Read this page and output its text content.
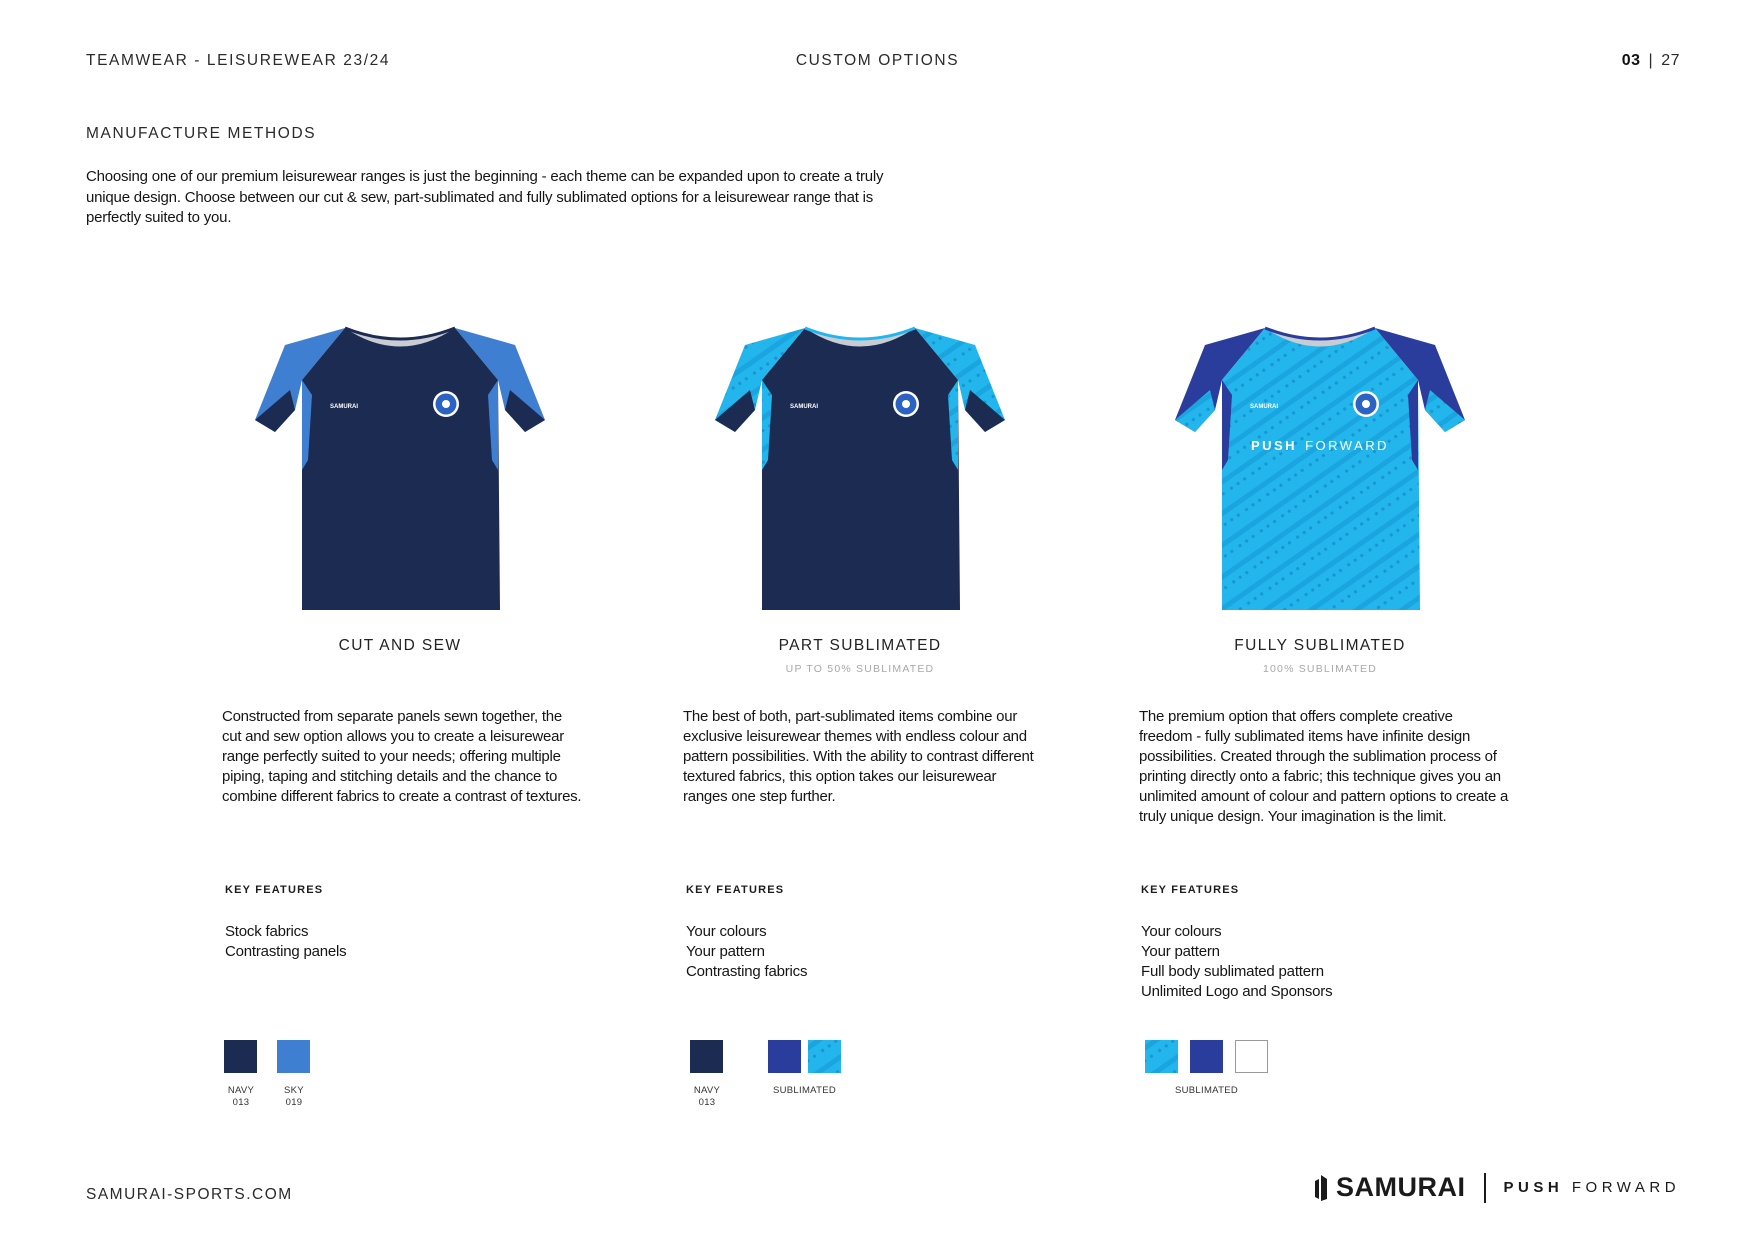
TEAMWEAR - LEISUREWEAR 23/24	CUSTOM OPTIONS	03 | 27
MANUFACTURE METHODS
Choosing one of our premium leisurewear ranges is just the beginning - each theme can be expanded upon to create a truly unique design. Choose between our cut & sew, part-sublimated and fully sublimated options for a leisurewear range that is perfectly suited to you.
SAMURAI
CUT AND SEW
Constructed from separate panels sewn together, the cut and sew option allows you to create a leisurewear range perfectly suited to your needs; offering multiple piping, taping and stitching details and the chance to combine different fabrics to create a contrast of textures.
KEY FEATURES
Stock fabrics
Contrasting panels
NAVY
013
SKY
019
SAMURAI
PART SUBLIMATED
UP TO 50% SUBLIMATED
The best of both, part-sublimated items combine our exclusive leisurewear themes with endless colour and pattern possibilities. With the ability to contrast different textured fabrics, this option takes our leisurewear ranges one step further.
KEY FEATURES
Your colours
Your pattern
Contrasting fabrics
NAVY
013
SUBLIMATED
SAMURAI
PUSH FORWARD
FULLY SUBLIMATED
100% SUBLIMATED
The premium option that offers complete creative freedom - fully sublimated items have infinite design possibilities. Created through the sublimation process of printing directly onto a fabric; this technique gives you an unlimited amount of colour and pattern options to create a truly unique design. Your imagination is the limit.
KEY FEATURES
Your colours
Your pattern
Full body sublimated pattern
Unlimited Logo and Sponsors
SUBLIMATED
SAMURAI-SPORTS.COM	SAMURAI	PUSH FORWARD
